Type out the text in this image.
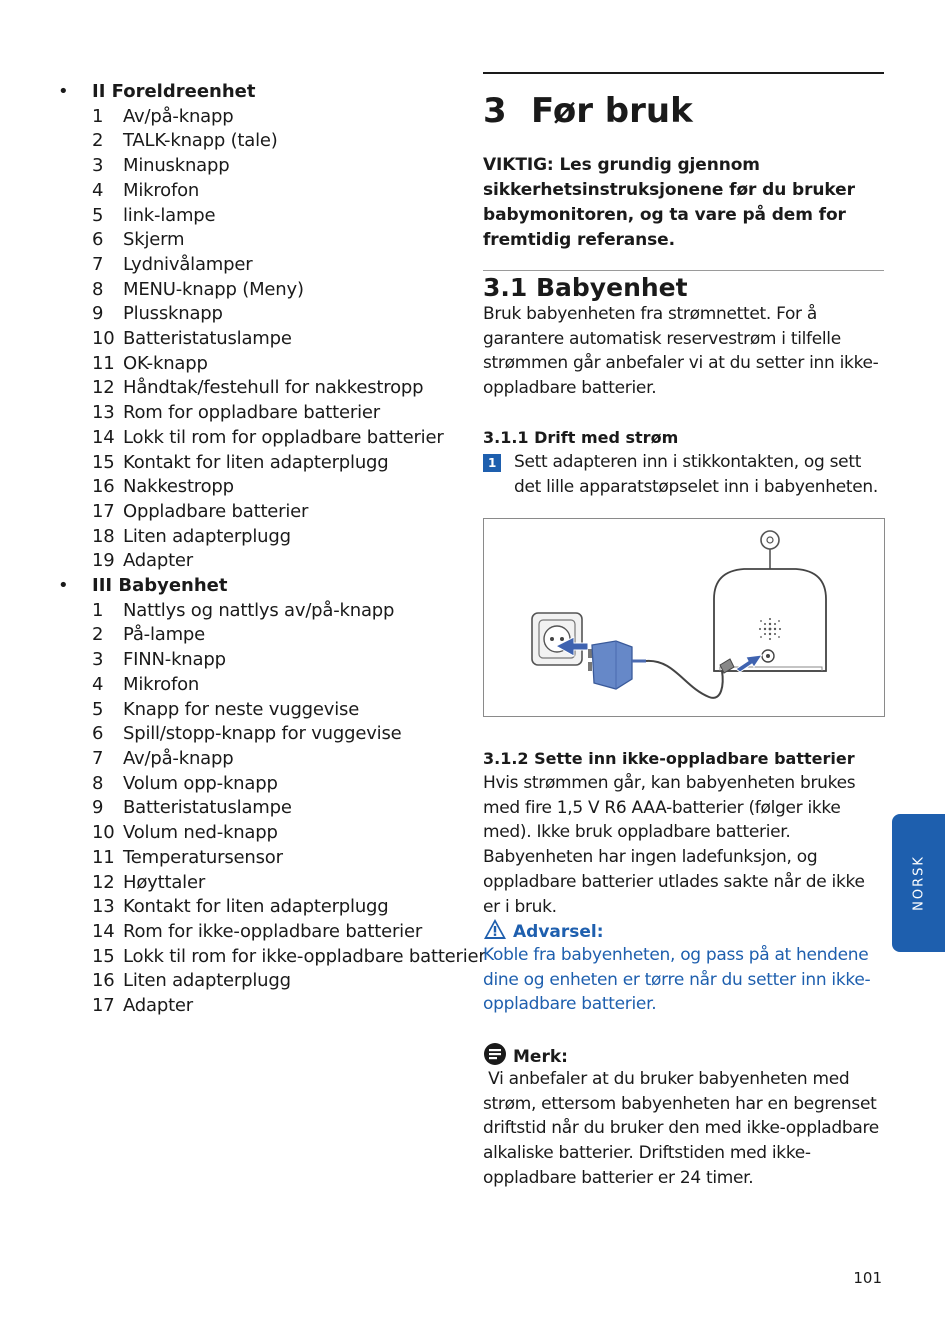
• II Foreldreenhet
1 Av/på-knapp
2 TALK-knapp (tale)
3 Minusknapp
4 Mikrofon
5 link-lampe
6 Skjerm
7 Lydnivålamper
8 MENU-knapp (Meny)
9 Plussknapp
10 Batteristatuslampe
11 OK-knapp
12 Håndtak/festehull for nakkestropp
13 Rom for oppladbare batterier
14 Lokk til rom for oppladbare batterier
15 Kontakt for liten adapterplugg
16 Nakkestropp
17 Oppladbare batterier
18 Liten adapterplugg
19 Adapter
• III Babyenhet
1 Nattlys og nattlys av/på-knapp
2 På-lampe
3 FINN-knapp
4 Mikrofon
5 Knapp for neste vuggevise
6 Spill/stopp-knapp for vuggevise
7 Av/på-knapp
8 Volum opp-knapp
9 Batteristatuslampe
10 Volum ned-knapp
11 Temperatursensor
12 Høyttaler
13 Kontakt for liten adapterplugg
14 Rom for ikke-oppladbare batterier
15 Lokk til rom for ikke-oppladbare batterier
16 Liten adapterplugg
17 Adapter
3 Før bruk
VIKTIG: Les grundig gjennom sikkerhetsinstruksjonene før du bruker babymonitoren, og ta vare på dem for fremtidig referanse.
3.1 Babyenhet
Bruk babyenheten fra strømnettet. For å garantere automatisk reservestrøm i tilfelle strømmen går anbefaler vi at du setter inn ikke-oppladbare batterier.
3.1.1 Drift med strøm
1 Sett adapteren inn i stikkontakten, og sett det lille apparatstøpselet inn i babyenheten.
3.1.2 Sette inn ikke-oppladbare batterier
Hvis strømmen går, kan babyenheten brukes med fire 1,5 V R6 AAA-batterier (følger ikke med). Ikke bruk oppladbare batterier. Babyenheten har ingen ladefunksjon, og oppladbare batterier utlades sakte når de ikke er i bruk.
Advarsel:
Koble fra babyenheten, og pass på at hendene dine og enheten er tørre når du setter inn ikke-oppladbare batterier.
Merk:
Vi anbefaler at du bruker babyenheten med strøm, ettersom babyenheten har en begrenset driftstid når du bruker den med ikke-oppladbare alkaliske batterier. Driftstiden med ikke-oppladbare batterier er 24 timer.
NORSK
101
